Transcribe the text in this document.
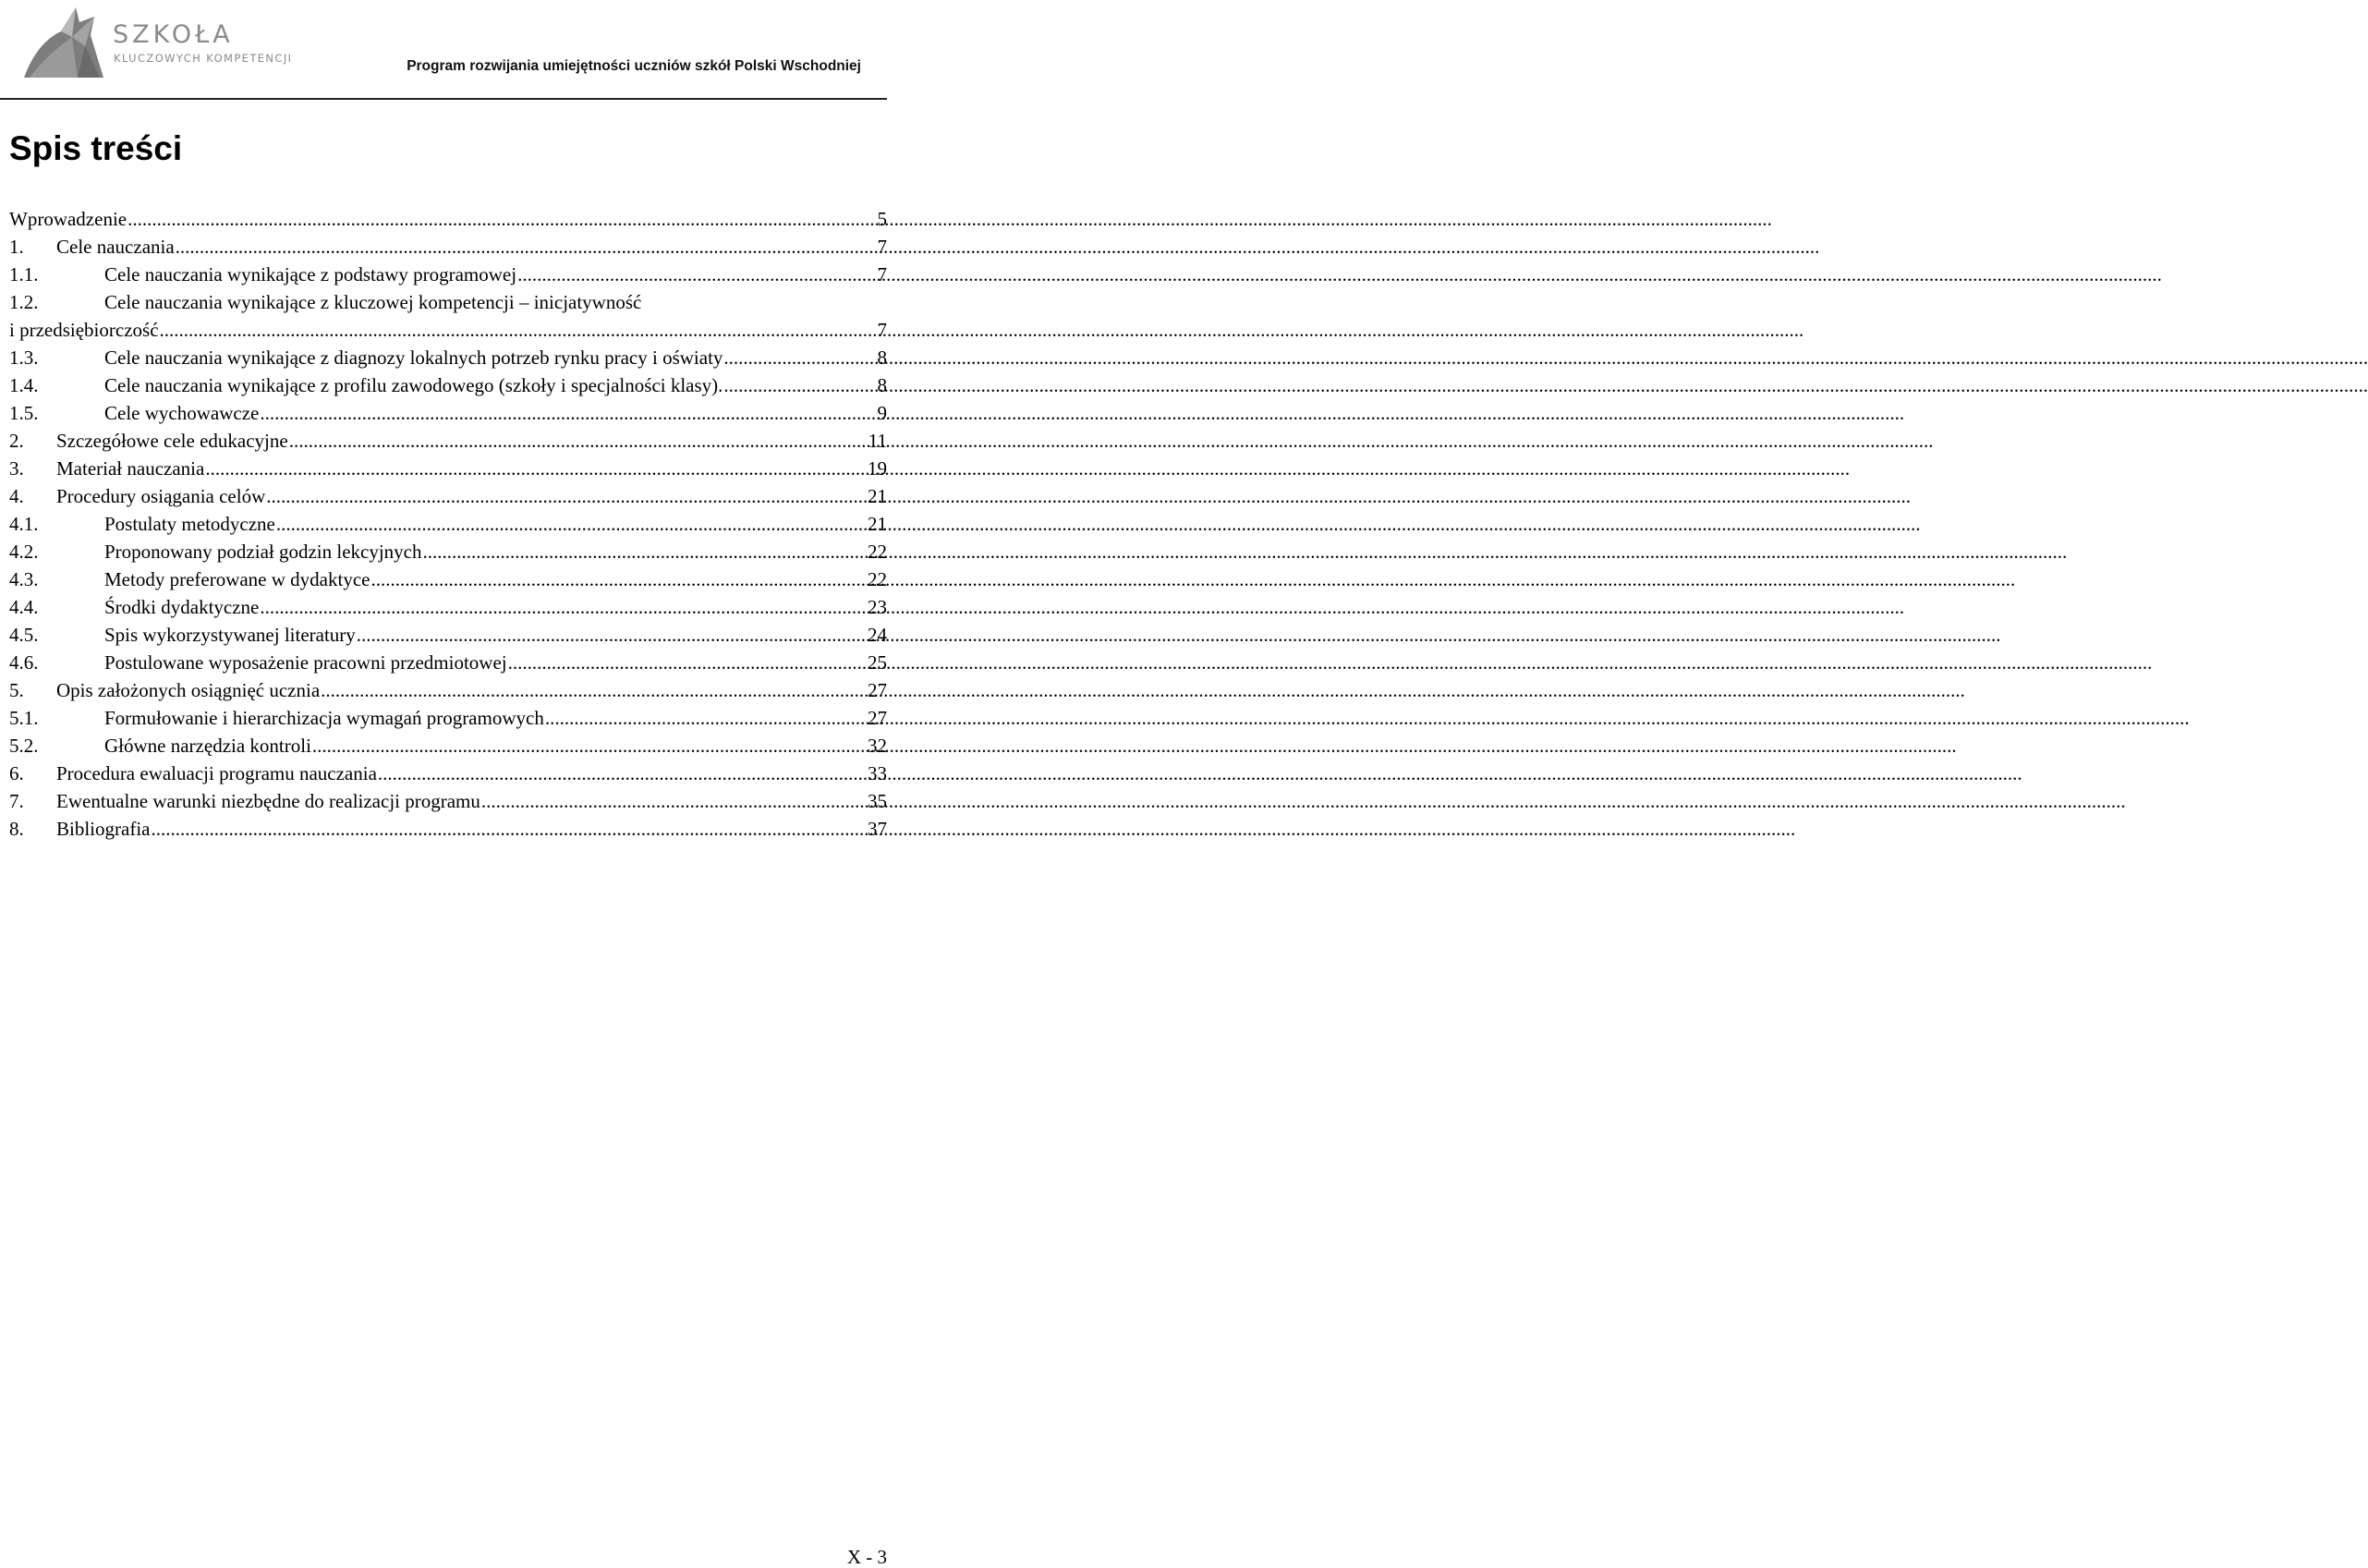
SZKOŁA
KLUCZOWYCH KOMPETENCJI	Program rozwijania umiejętności uczniów szkół Polski Wschodniej
Spis treści
Wprowadzenie .....	5
1.	Cele nauczania .....	7
1.1.	Cele nauczania wynikające z podstawy programowej .....	7
1.2.	Cele nauczania wynikające z kluczowej kompetencji – inicjatywność
i przedsiębiorczość .....	7
1.3.	Cele nauczania wynikające z diagnozy lokalnych potrzeb rynku pracy i oświaty .....	8
1.4.	Cele nauczania wynikające z profilu zawodowego (szkoły i specjalności klasy). .....	8
1.5.	Cele wychowawcze .....	9
2.	Szczegółowe cele edukacyjne .....	11
3.	Materiał nauczania .....	19
4.	Procedury osiągania celów .....	21
4.1.	Postulaty metodyczne .....	21
4.2.	Proponowany podział godzin lekcyjnych .....	22
4.3.	Metody preferowane w dydaktyce .....	22
4.4.	Środki dydaktyczne .....	23
4.5.	Spis wykorzystywanej literatury .....	24
4.6.	Postulowane wyposażenie pracowni przedmiotowej .....	25
5.	Opis założonych osiągnięć ucznia .....	27
5.1.	Formułowanie i hierarchizacja wymagań programowych .....	27
5.2.	Główne narzędzia kontroli .....	32
6.	Procedura ewaluacji programu nauczania .....	33
7.	Ewentualne warunki niezbędne do realizacji programu .....	35
8.	Bibliografia .....	37
X - 3
